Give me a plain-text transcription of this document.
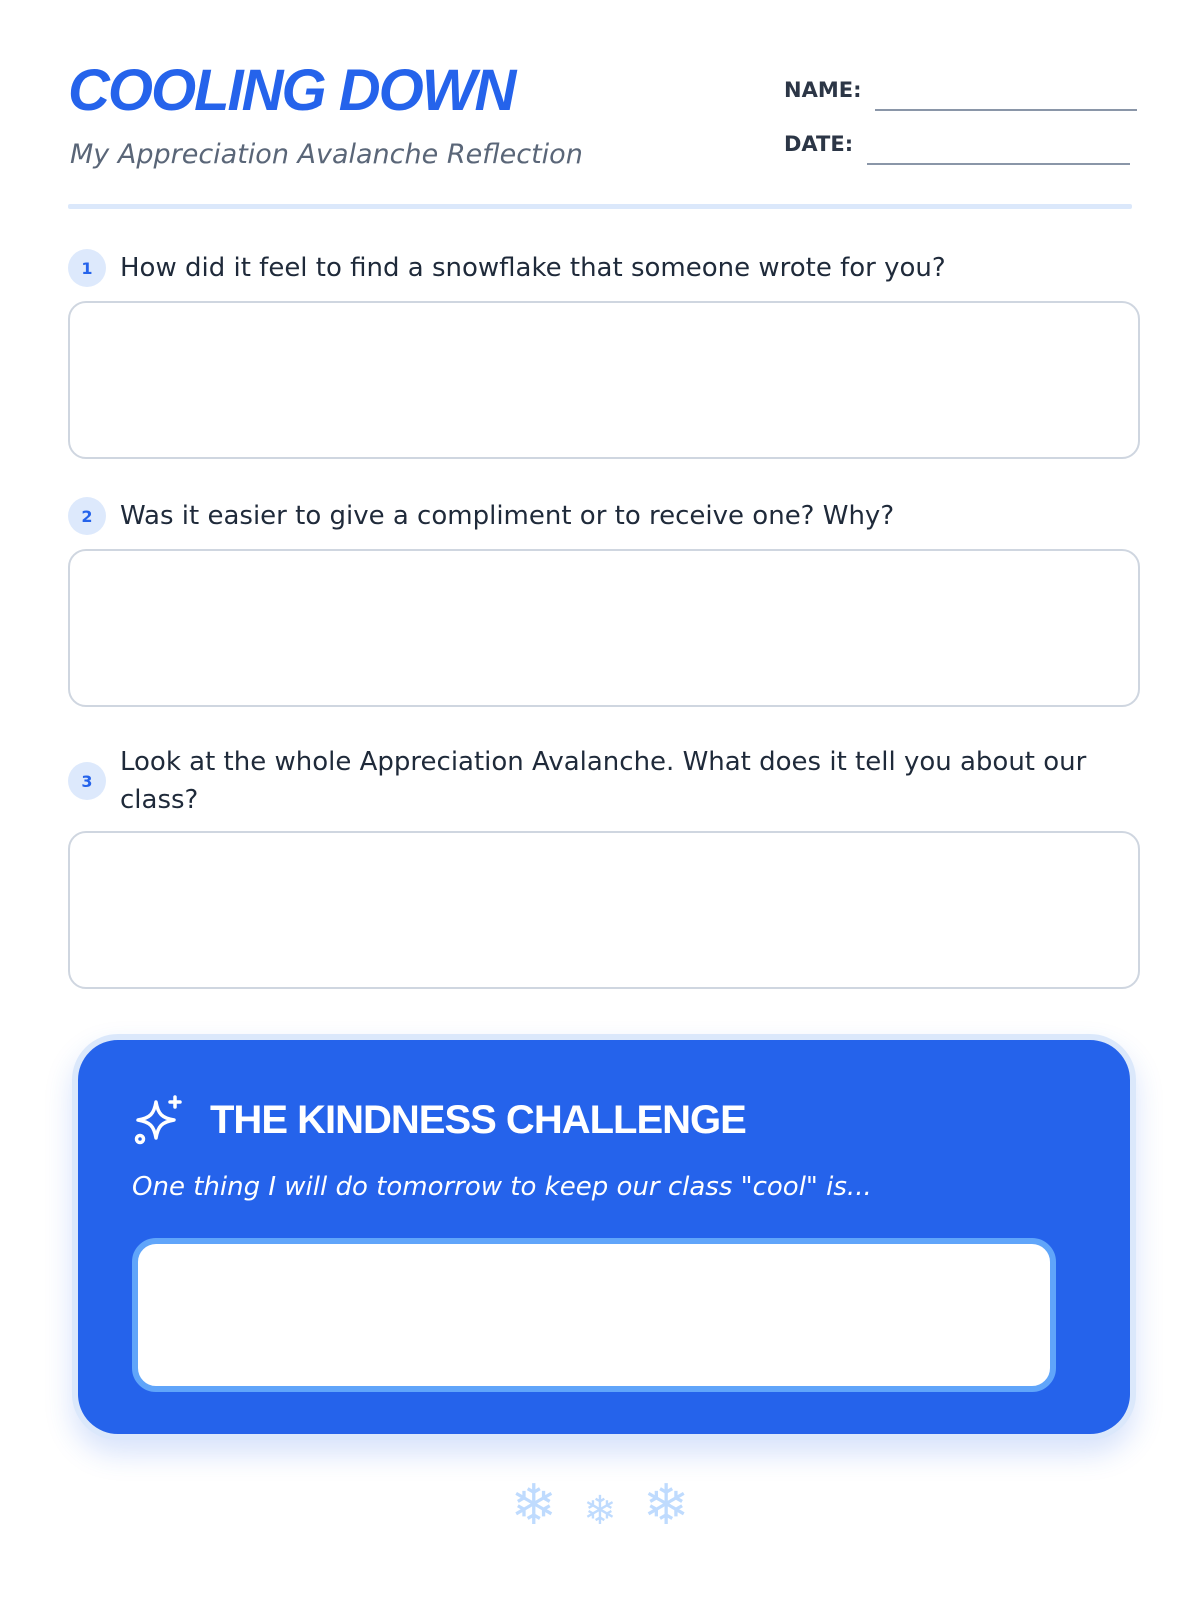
COOLING DOWN

My Appreciation Avalanche Reflection

NAME:
DATE:
1	How did it feel to find a snowflake that someone wrote for you?
2	Was it easier to give a compliment or to receive one? Why?
3
Look at the whole Appreciation Avalanche. What does it tell you about our class?
THE KINDNESS CHALLENGE
One thing I will do tomorrow to keep our class "cool" is...
❄ ❄ ❄
